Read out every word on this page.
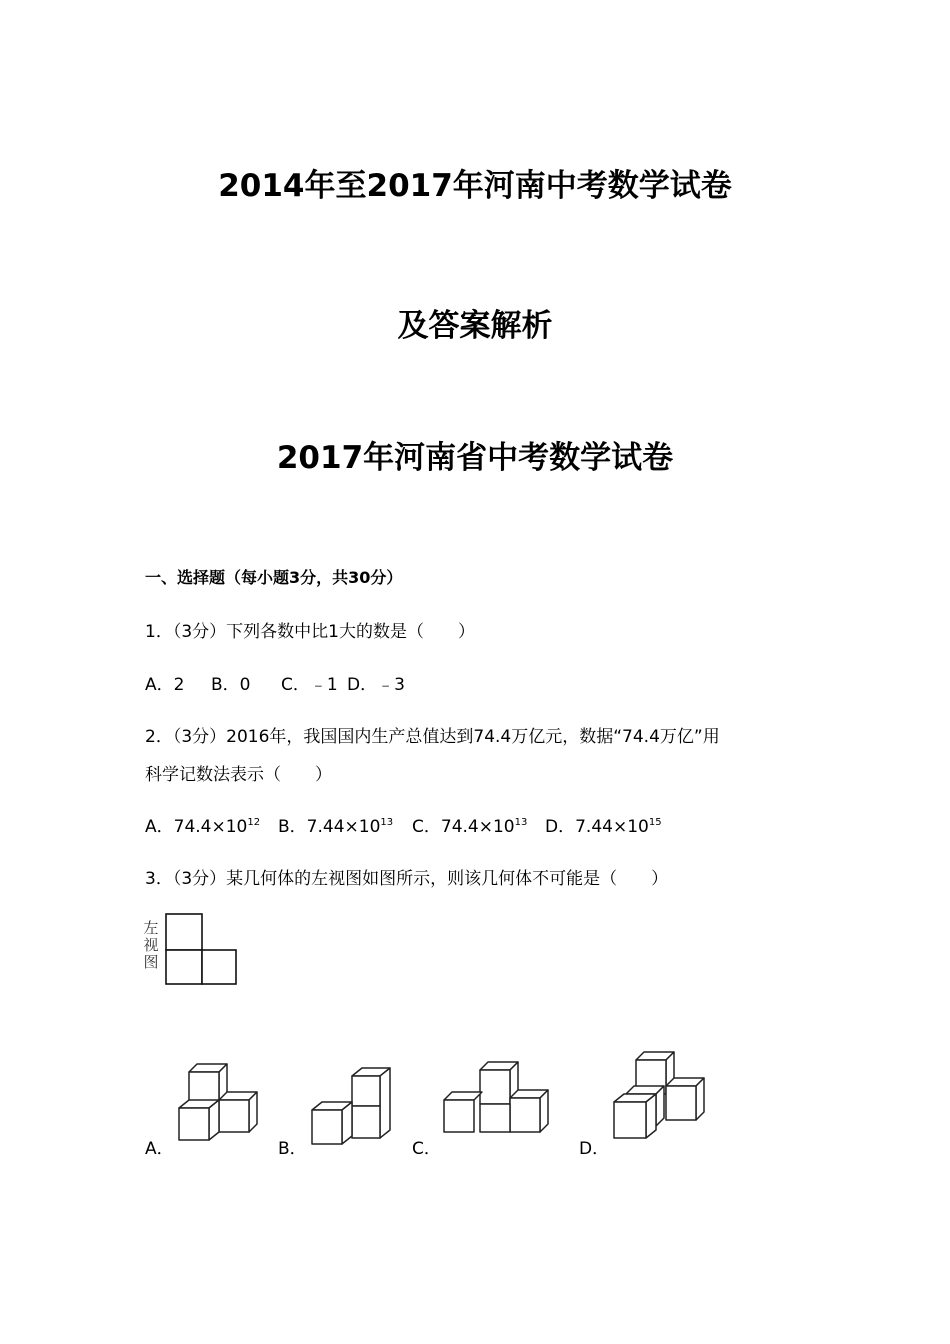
2014年至2017年河南中考数学试卷
及答案解析
2017年河南省中考数学试卷
一、选择题（每小题3分，共30分）
1．（3分）下列各数中比1大的数是（　　）
A．2 B．0 C．﹣1 D．﹣3
2．（3分）2016年，我国国内生产总值达到74.4万亿元，数据“74.4万亿”用
科学记数法表示（　　）
A．$74.4\times 10^{12}$ B．$7.44\times 10^{13}$ C．$74.4\times 10^{13}$ D．$7.44\times 10^{15}$
3．（3分）某几何体的左视图如图所示，则该几何体不可能是（　　）
左
视
图
A．	B．	C．	D．
